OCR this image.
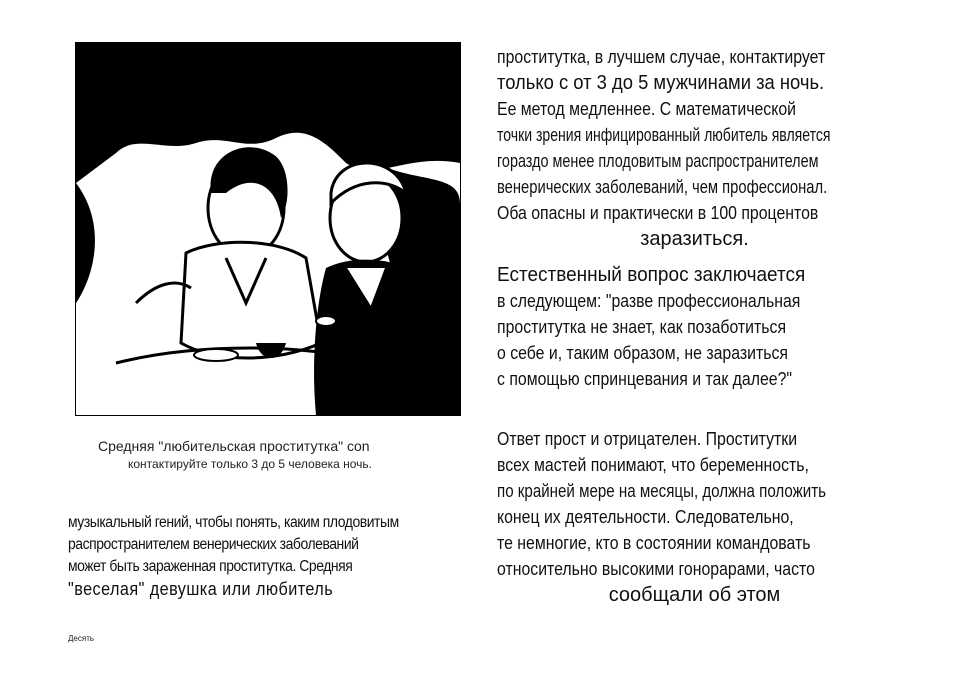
Средняя "любительская проститутка" con
контактируйте только 3 до 5 человека ночь.
музыкальный гений, чтобы понять, каким плодовитым
распространителем венерических заболеваний
может быть зараженная проститутка. Средняя
"веселая" девушка или любитель
проститутка, в лучшем случае, контактирует
только с от 3 до 5 мужчинами за ночь.
Ее метод медленнее. С математической
точки зрения инфицированный любитель является
гораздо менее плодовитым распространителем
венерических заболеваний, чем профессионал.
Оба опасны и практически в 100 процентов
заразиться.
Естественный вопрос заключается
в следующем: "разве профессиональная
проститутка не знает, как позаботиться
о себе и, таким образом, не заразиться
с помощью спринцевания и так далее?"
Ответ прост и отрицателен. Проститутки
всех мастей понимают, что беременность,
по крайней мере на месяцы, должна положить
конец их деятельности. Следовательно,
те немногие, кто в состоянии командовать
относительно высокими гонорарами, часто
сообщали об этом
Десять
